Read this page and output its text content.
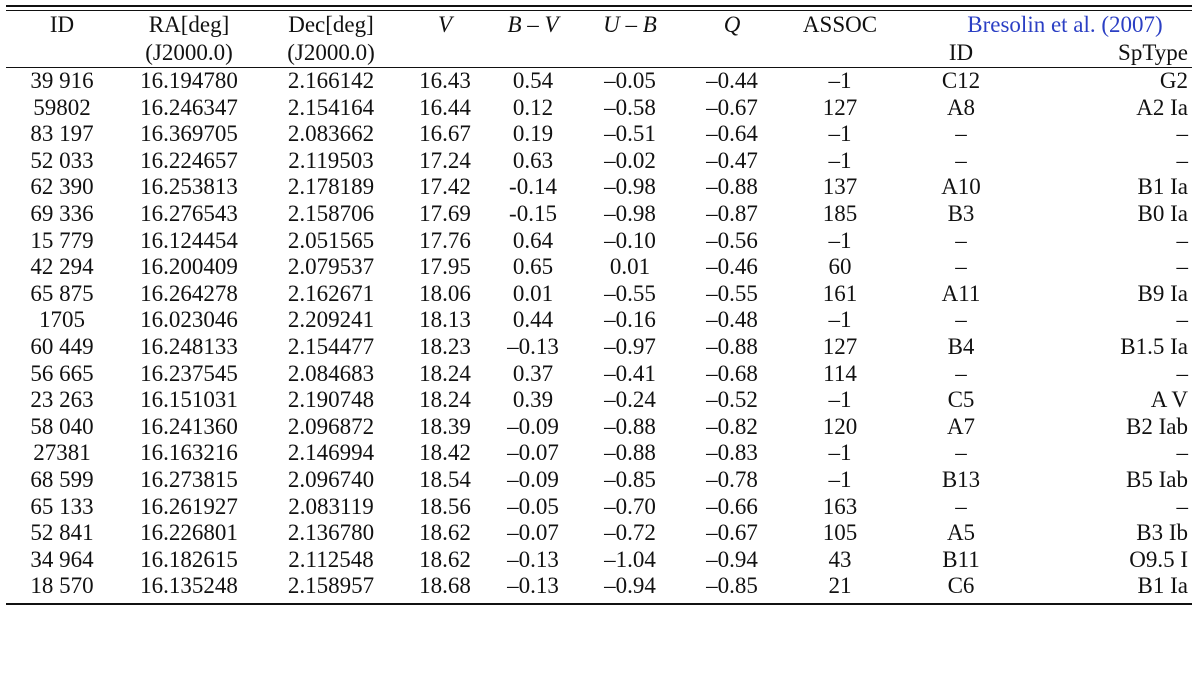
ID	RA[deg]	Dec[deg]	V	B – V	U – B	Q	ASSOC	Bresolin et al. (2007)	
	(J2000.0)	(J2000.0)						ID	SpType
39 916	16.194780	2.166142	16.43	0.54	–0.05	–0.44	–1	C12	G2
59802	16.246347	2.154164	16.44	0.12	–0.58	–0.67	127	A8	A2 Ia
83 197	16.369705	2.083662	16.67	0.19	–0.51	–0.64	–1	–	–
52 033	16.224657	2.119503	17.24	0.63	–0.02	–0.47	–1	–	–
62 390	16.253813	2.178189	17.42	-0.14	–0.98	–0.88	137	A10	B1 Ia
69 336	16.276543	2.158706	17.69	-0.15	–0.98	–0.87	185	B3	B0 Ia
15 779	16.124454	2.051565	17.76	0.64	–0.10	–0.56	–1	–	–
42 294	16.200409	2.079537	17.95	0.65	0.01	–0.46	60	–	–
65 875	16.264278	2.162671	18.06	0.01	–0.55	–0.55	161	A11	B9 Ia
1705	16.023046	2.209241	18.13	0.44	–0.16	–0.48	–1	–	–
60 449	16.248133	2.154477	18.23	–0.13	–0.97	–0.88	127	B4	B1.5 Ia
56 665	16.237545	2.084683	18.24	0.37	–0.41	–0.68	114	–	–
23 263	16.151031	2.190748	18.24	0.39	–0.24	–0.52	–1	C5	A V
58 040	16.241360	2.096872	18.39	–0.09	–0.88	–0.82	120	A7	B2 Iab
27381	16.163216	2.146994	18.42	–0.07	–0.88	–0.83	–1	–	–
68 599	16.273815	2.096740	18.54	–0.09	–0.85	–0.78	–1	B13	B5 Iab
65 133	16.261927	2.083119	18.56	–0.05	–0.70	–0.66	163	–	–
52 841	16.226801	2.136780	18.62	–0.07	–0.72	–0.67	105	A5	B3 Ib
34 964	16.182615	2.112548	18.62	–0.13	–1.04	–0.94	43	B11	O9.5 I
18 570	16.135248	2.158957	18.68	–0.13	–0.94	–0.85	21	C6	B1 Ia
